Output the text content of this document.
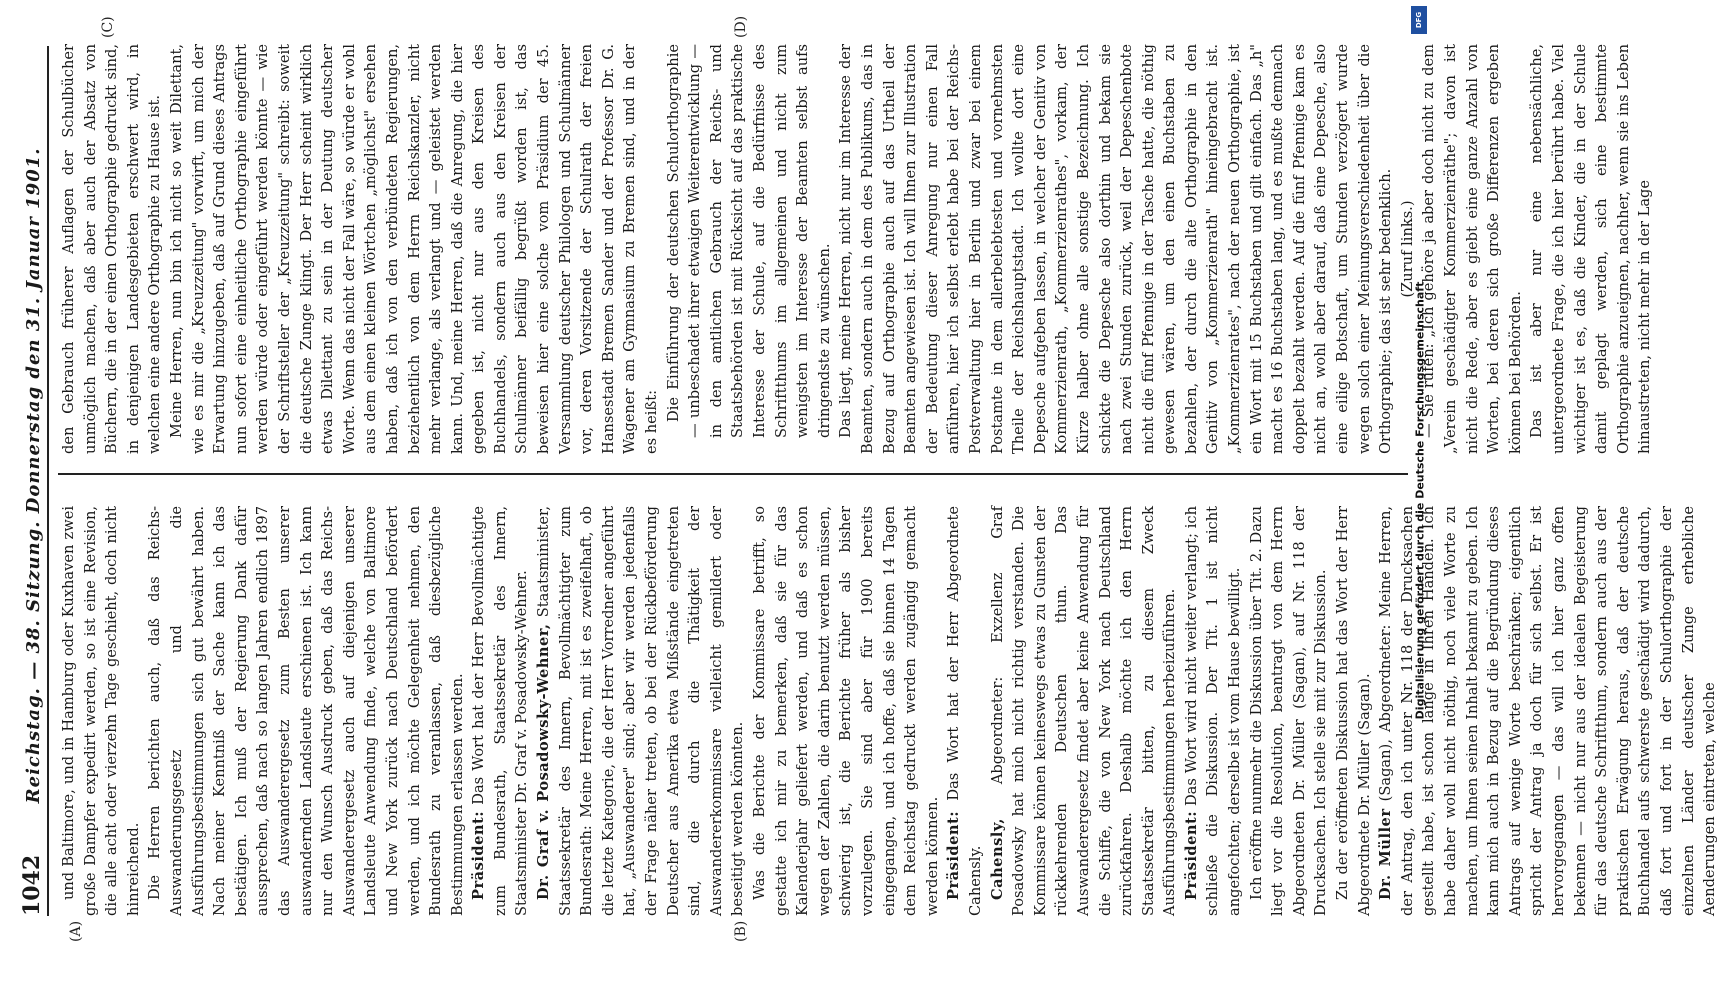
1042
Reichstag. — 38. Sitzung. Donnerstag den 31. Januar 1901.
(A)	(B)
(C)	(D)

und Baltimore, und in Hamburg oder Kuxhaven zwei große Dampfer expedirt werden, so ist eine Revision, die alle acht oder vierzehn Tage geschieht, doch nicht hinreichend. Die Herren berichten auch, daß das Reichs-Auswanderungsgesetz und die Ausführungsbestimmungen sich gut bewährt haben. Nach meiner Kenntniß der Sache kann ich das bestätigen. Ich muß der Regierung Dank dafür aussprechen, daß nach so langen Jahren endlich 1897 das Auswanderergesetz zum Besten unserer auswandernden Landsleute erschienen ist. Ich kann nur den Wunsch Ausdruck geben, daß das Reichs-Auswanderergesetz auch auf diejenigen unserer Landsleute Anwendung finde, welche von Baltimore und New York zurück nach Deutschland befördert werden, und ich möchte Gelegenheit nehmen, den Bundesrath zu veranlassen, daß diesbezügliche Bestimmungen erlassen werden. Präsident: Das Wort hat der Herr Bevollmächtigte zum Bundesrath, Staatssekretär des Innern, Staatsminister Dr. Graf v. Posadowsky-Wehner. Dr. Graf v. Posadowsky-Wehner, Staatsminister, Staatssekretär des Innern, Bevollmächtigter zum Bundesrath: Meine Herren, mit ist es zweifelhaft, ob die letzte Kategorie, die der Herr Vorredner angeführt hat, „Auswanderer" sind; aber wir werden jedenfalls der Frage näher treten, ob bei der Rückbeförderung Deutscher aus Amerika etwa Mißstände eingetreten sind, die durch die Thätigkeit der Auswandererkommissare vielleicht gemildert oder beseitigt werden könnten. Was die Berichte der Kommissare betrifft, so gestatte ich mir zu bemerken, daß sie für das Kalenderjahr geliefert werden, und daß es schon wegen der Zahlen, die darin benutzt werden müssen, schwierig ist, die Berichte früher als bisher vorzulegen. Sie sind aber für 1900 bereits eingegangen, und ich hoffe, daß sie binnen 14 Tagen dem Reichstag gedruckt werden zugängig gemacht werden können. Präsident: Das Wort hat der Herr Abgeordnete Cahensly. Cahensly, Abgeordneter: Exzellenz Graf Posadowsky hat mich nicht richtig verstanden. Die Kommissare können keineswegs etwas zu Gunsten der rückkehrenden Deutschen thun. Das Auswanderergesetz findet aber keine Anwendung für die Schiffe, die von New York nach Deutschland zurückfahren. Deshalb möchte ich den Herrn Staatssekretär bitten, zu diesem Zweck Ausführungsbestimmungen herbeizuführen. Präsident: Das Wort wird nicht weiter verlangt; ich schließe die Diskussion. Der Tit. 1 ist nicht angefochten; derselbe ist vom Hause bewilligt. Ich eröffne nunmehr die Diskussion über Tit. 2. Dazu liegt vor die Resolution, beantragt von dem Herrn Abgeordneten Dr. Müller (Sagan), auf Nr. 118 der Drucksachen. Ich stelle sie mit zur Diskussion. Zu der eröffneten Diskussion hat das Wort der Herr Abgeordnete Dr. Müller (Sagan). Dr. Müller (Sagan), Abgeordneter: Meine Herren, der Antrag, den ich unter Nr. 118 der Drucksachen gestellt habe, ist schon lange in Ihren Händen. Ich habe daher wohl nicht nöthig, noch viele Worte zu machen, um Ihnen seinen Inhalt bekannt zu geben. Ich kann mich auch in Bezug auf die Begründung dieses Antrags auf wenige Worte beschränken; eigentlich spricht der Antrag ja doch für sich selbst. Er ist hervorgegangen — das will ich hier ganz offen bekennen — nicht nur aus der idealen Begeisterung für das deutsche Schriftthum, sondern auch aus der praktischen Erwägung heraus, daß der deutsche Buchhandel aufs schwerste geschädigt wird dadurch, daß fort und fort in der Schulorthographie der einzelnen Länder deutscher Zunge erhebliche Aenderungen eintreten, welche

den Gebrauch früherer Auflagen der Schulbücher unmöglich machen, daß aber auch der Absatz von Büchern, die in der einen Orthographie gedruckt sind, in denjenigen Landesgebieten erschwert wird, in welchen eine andere Orthographie zu Hause ist. Meine Herren, nun bin ich nicht so weit Dilettant, wie es mir die „Kreuzzeitung" vorwirft, um mich der Erwartung hinzugeben, daß auf Grund dieses Antrags nun sofort eine einheitliche Orthographie eingeführt werden würde oder eingeführt werden könnte — wie der Schriftsteller der „Kreuzzeitung" schreibt: soweit die deutsche Zunge klingt. Der Herr scheint wirklich etwas Dilettant zu sein in der Deutung deutscher Worte. Wenn das nicht der Fall wäre, so würde er wohl aus dem einen kleinen Wörtchen „möglichst" ersehen haben, daß ich von den verbündeten Regierungen, beziehentlich von dem Herrn Reichskanzler, nicht mehr verlange, als verlangt und — geleistet werden kann. Und, meine Herren, daß die Anregung, die hier gegeben ist, nicht nur aus den Kreisen des Buchhandels, sondern auch aus den Kreisen der Schulmänner beifällig begrüßt worden ist, das beweisen hier eine solche vom Präsidium der 45. Versammlung deutscher Philologen und Schulmänner vor, deren Vorsitzende der Schulrath der freien Hansestadt Bremen Sander und der Professor Dr. G. Wagener am Gymnasium zu Bremen sind, und in der es heißt: Die Einführung der deutschen Schulorthographie — unbeschadet ihrer etwaigen Weiterentwicklung — in den amtlichen Gebrauch der Reichs- und Staatsbehörden ist mit Rücksicht auf das praktische Interesse der Schule, auf die Bedürfnisse des Schriftthums im allgemeinen und nicht zum wenigsten im Interesse der Beamten selbst aufs dringendste zu wünschen. Das liegt, meine Herren, nicht nur im Interesse der Beamten, sondern auch in dem des Publikums, das in Bezug auf Orthographie auch auf das Urtheil der Beamten angewiesen ist. Ich will Ihnen zur Illustration der Bedeutung dieser Anregung nur einen Fall anführen, hier ich selbst erlebt habe bei der Reichs-Postverwaltung hier in Berlin und zwar bei einem Postamte in dem allerbelebtesten und vornehmsten Theile der Reichshauptstadt. Ich wollte dort eine Depesche aufgeben lassen, in welcher der Genitiv von Kommerzienrath, „Kommerzienrathes", vorkam, der Kürze halber ohne alle sonstige Bezeichnung. Ich schickte die Depesche also dorthin und bekam sie nach zwei Stunden zurück, weil der Depeschenbote nicht die fünf Pfennige in der Tasche hatte, die nöthig gewesen wären, um den einen Buchstaben zu bezahlen, der durch die alte Orthographie in den Genitiv von „Kommerzienrath" hineingebracht ist. „Kommerzienrates", nach der neuen Orthographie, ist ein Wort mit 15 Buchstaben und gilt einfach. Das „h" macht es 16 Buchstaben lang, und es mußte demnach doppelt bezahlt werden. Auf die fünf Pfennige kam es nicht an, wohl aber darauf, daß eine Depesche, also eine eilige Botschaft, um Stunden verzögert wurde wegen solch einer Meinungsverschiedenheit über die Orthographie; das ist sehr bedenklich. (Zuruf links.) — Sie rufen: „Ich gehöre ja aber doch nicht zu dem „Verein geschädigter Kommerzienräthe"; davon ist nicht die Rede, aber es giebt eine ganze Anzahl von Worten, bei deren sich große Differenzen ergeben können bei Behörden. Das ist aber nur eine nebensächliche, untergeordnete Frage, die ich hier berührt habe. Viel wichtiger ist es, daß die Kinder, die in der Schule damit geplagt werden, sich eine bestimmte Orthographie anzueignen, nachher, wenn sie ins Leben hinaustreten, nicht mehr in der Lage

DFG
Digitalisierung gefördert durch die Deutsche Forschungsgemeinschaft
